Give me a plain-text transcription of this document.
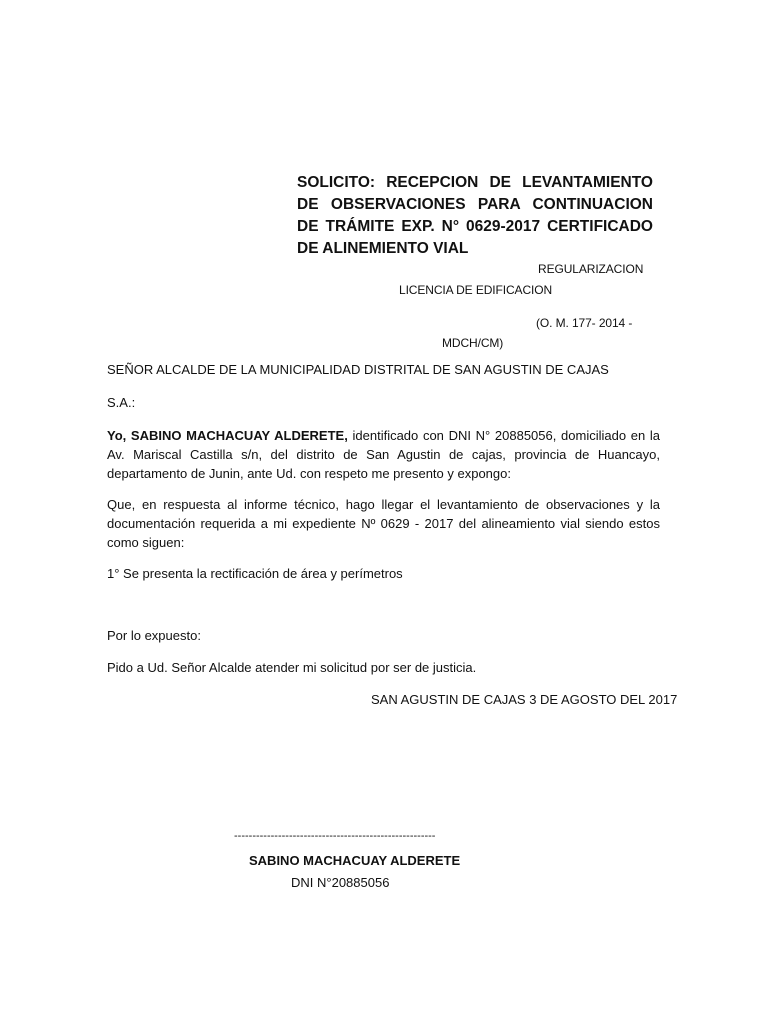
SOLICITO: RECEPCION DE LEVANTAMIENTO DE OBSERVACIONES PARA CONTINUACION DE TRÁMITE EXP. N° 0629-2017 CERTIFICADO DE ALINEMIENTO VIAL
REGULARIZACION
LICENCIA DE EDIFICACION
(O. M. 177- 2014 -
MDCH/CM)
SEÑOR ALCALDE DE LA MUNICIPALIDAD DISTRITAL DE SAN AGUSTIN DE CAJAS
S.A.:
Yo, SABINO MACHACUAY ALDERETE, identificado con DNI N° 20885056, domiciliado en la Av. Mariscal Castilla s/n, del distrito de San Agustin de cajas, provincia de Huancayo, departamento de Junin, ante Ud. con respeto me presento y expongo:
Que, en respuesta al informe técnico, hago llegar el levantamiento de observaciones y la documentación requerida a mi expediente Nº 0629 - 2017 del alineamiento vial siendo estos como siguen:
1° Se presenta la rectificación de área y perímetros
Por lo expuesto:
Pido a Ud. Señor Alcalde atender mi solicitud por ser de justicia.
SAN AGUSTIN DE CAJAS 3 DE AGOSTO DEL 2017
-------------------------------------------------------
SABINO MACHACUAY ALDERETE
DNI N°20885056
